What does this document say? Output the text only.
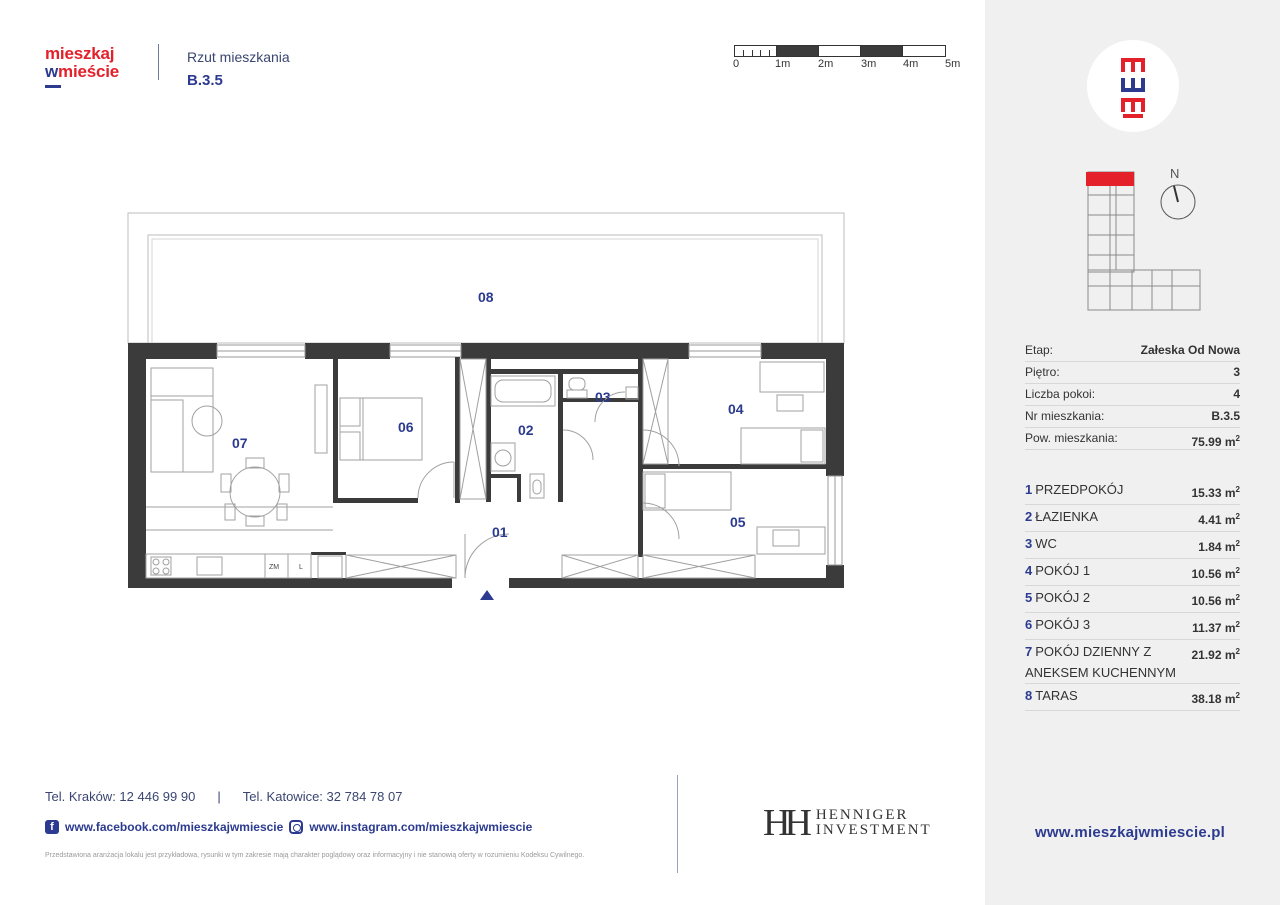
mieszkaj
wmieście
Rzut mieszkania
B.3.5
0	1m	2m	3m 4m 5m
08
07
06	02
03
04
05
01
ZM	L
N
Etap:	Załeska Od Nowa
Piętro:	3
Liczba pokoi:	4
Nr mieszkania:	B.3.5
Pow. mieszkania:	75.99 $m^2$
1 PRZEDPOKÓJ	15.33 $m^2$
2 ŁAZIENKA	4.41 $m^2$
3 WC	1.84 $m^2$
4 POKÓJ 1	10.56 $m^2$
5 POKÓJ 2	10.56 $m^2$
6 POKÓJ 3	11.37 $m^2$
7 POKÓJ DZIENNY Z ANEKSEM KUCHENNYM
21.92 $m^2$
8 TARAS	38.18 $m^2$
www.mieszkajwmiescie.pl
Tel. Kraków: 12 446 99 90 | Tel. Katowice: 32 784 78 07
f www.facebook.com/mieszkajwmiescie www.instagram.com/mieszkajwmiescie
Przedstawiona aranżacja lokalu jest przykładowa, rysunki w tym zakresie mają charakter poglądowy oraz informacyjny i nie stanowią oferty w rozumieniu Kodeksu Cywilnego.
HH HENNIGER
INVESTMENT
